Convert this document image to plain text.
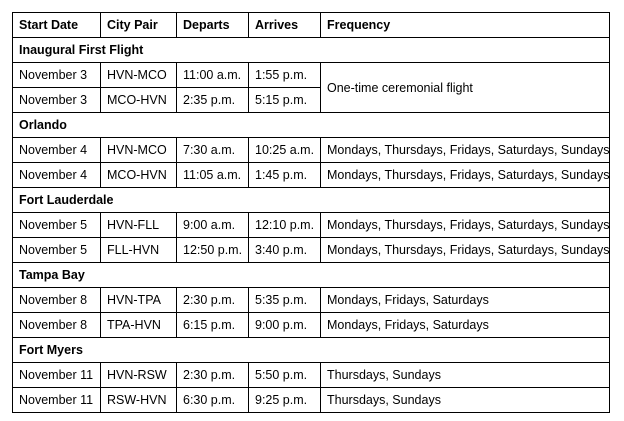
Start Date	City Pair	Departs	Arrives	Frequency
Inaugural First Flight				
November 3	HVN-MCO	11:00 a.m.	1:55 p.m.	One-time ceremonial flight
November 3	MCO-HVN	2:35 p.m.	5:15 p.m.	
Orlando				
November 4	HVN-MCO	7:30 a.m.	10:25 a.m.	Mondays, Thursdays, Fridays, Saturdays, Sundays
November 4	MCO-HVN	11:05 a.m.	1:45 p.m.	Mondays, Thursdays, Fridays, Saturdays, Sundays
Fort Lauderdale				
November 5	HVN-FLL	9:00 a.m.	12:10 p.m.	Mondays, Thursdays, Fridays, Saturdays, Sundays
November 5	FLL-HVN	12:50 p.m.	3:40 p.m.	Mondays, Thursdays, Fridays, Saturdays, Sundays
Tampa Bay				
November 8	HVN-TPA	2:30 p.m.	5:35 p.m.	Mondays, Fridays, Saturdays
November 8	TPA-HVN	6:15 p.m.	9:00 p.m.	Mondays, Fridays, Saturdays
Fort Myers				
November 11	HVN-RSW	2:30 p.m.	5:50 p.m.	Thursdays, Sundays
November 11	RSW-HVN	6:30 p.m.	9:25 p.m.	Thursdays, Sundays
